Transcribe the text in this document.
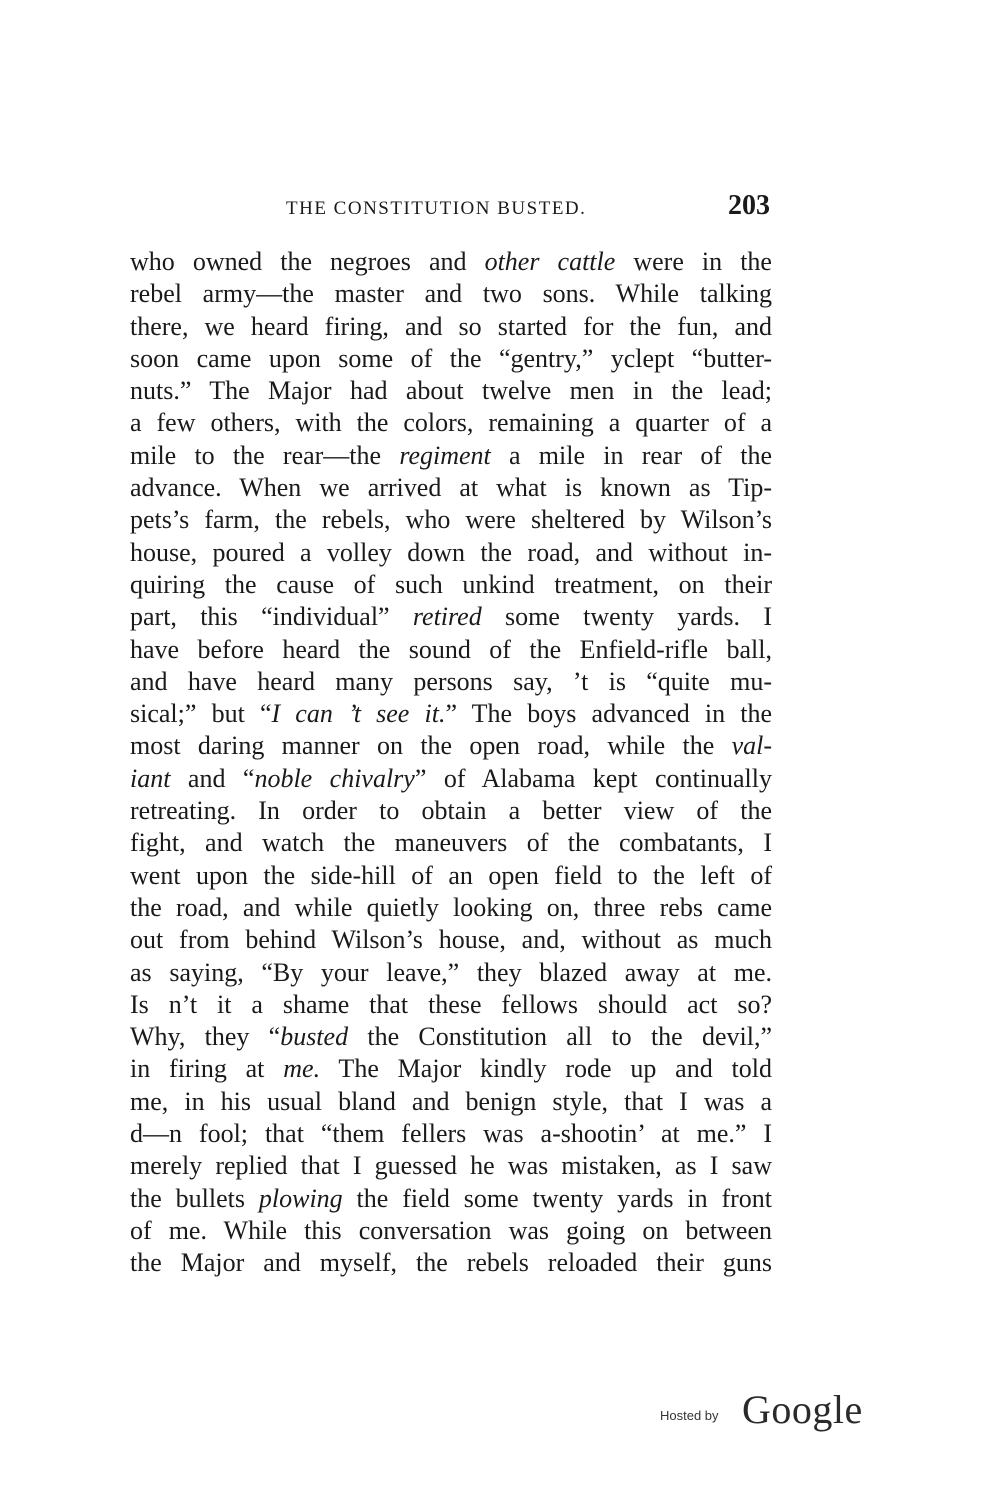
THE CONSTITUTION BUSTED.	203
who owned the negroes and other cattle were in the
rebel army—the master and two sons. While talking
there, we heard firing, and so started for the fun, and
soon came upon some of the “gentry,” yclept “butter-
nuts.” The Major had about twelve men in the lead;
a few others, with the colors, remaining a quarter of a
mile to the rear—the regiment a mile in rear of the
advance. When we arrived at what is known as Tip-
pets’s farm, the rebels, who were sheltered by Wilson’s
house, poured a volley down the road, and without in-
quiring the cause of such unkind treatment, on their
part, this “individual” retired some twenty yards. I
have before heard the sound of the Enfield-rifle ball,
and have heard many persons say, ’t is “quite mu-
sical;” but “I can ’t see it.” The boys advanced in the
most daring manner on the open road, while the val-
iant and “noble chivalry” of Alabama kept continually
retreating. In order to obtain a better view of the
fight, and watch the maneuvers of the combatants, I
went upon the side-hill of an open field to the left of
the road, and while quietly looking on, three rebs came
out from behind Wilson’s house, and, without as much
as saying, “By your leave,” they blazed away at me.
Is n’t it a shame that these fellows should act so?
Why, they “busted the Constitution all to the devil,”
in firing at me. The Major kindly rode up and told
me, in his usual bland and benign style, that I was a
d—n fool; that “them fellers was a-shootin’ at me.” I
merely replied that I guessed he was mistaken, as I saw
the bullets plowing the field some twenty yards in front
of me. While this conversation was going on between
the Major and myself, the rebels reloaded their guns
Hosted by Google
